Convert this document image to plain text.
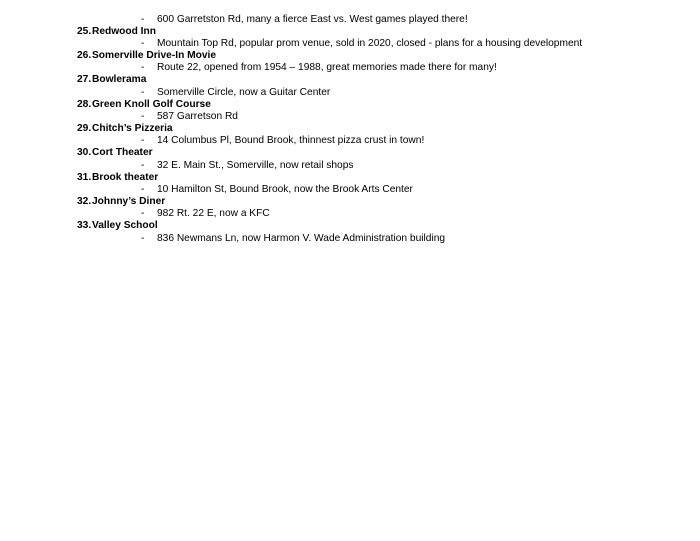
- 600 Garretston Rd, many a fierce East vs. West games played there!
25. Redwood Inn
- Mountain Top Rd, popular prom venue, sold in 2020, closed - plans for a housing development
26. Somerville Drive-In Movie
- Route 22, opened from 1954 – 1988, great memories made there for many!
27. Bowlerama
- Somerville Circle, now a Guitar Center
28. Green Knoll Golf Course
- 587 Garretson Rd
29. Chitch’s Pizzeria
- 14 Columbus Pl, Bound Brook, thinnest pizza crust in town!
30. Cort Theater
- 32 E. Main St., Somerville, now retail shops
31. Brook theater
- 10 Hamilton St, Bound Brook, now the Brook Arts Center
32. Johnny’s Diner
- 982 Rt. 22 E, now a KFC
33. Valley School
- 836 Newmans Ln, now Harmon V. Wade Administration building
